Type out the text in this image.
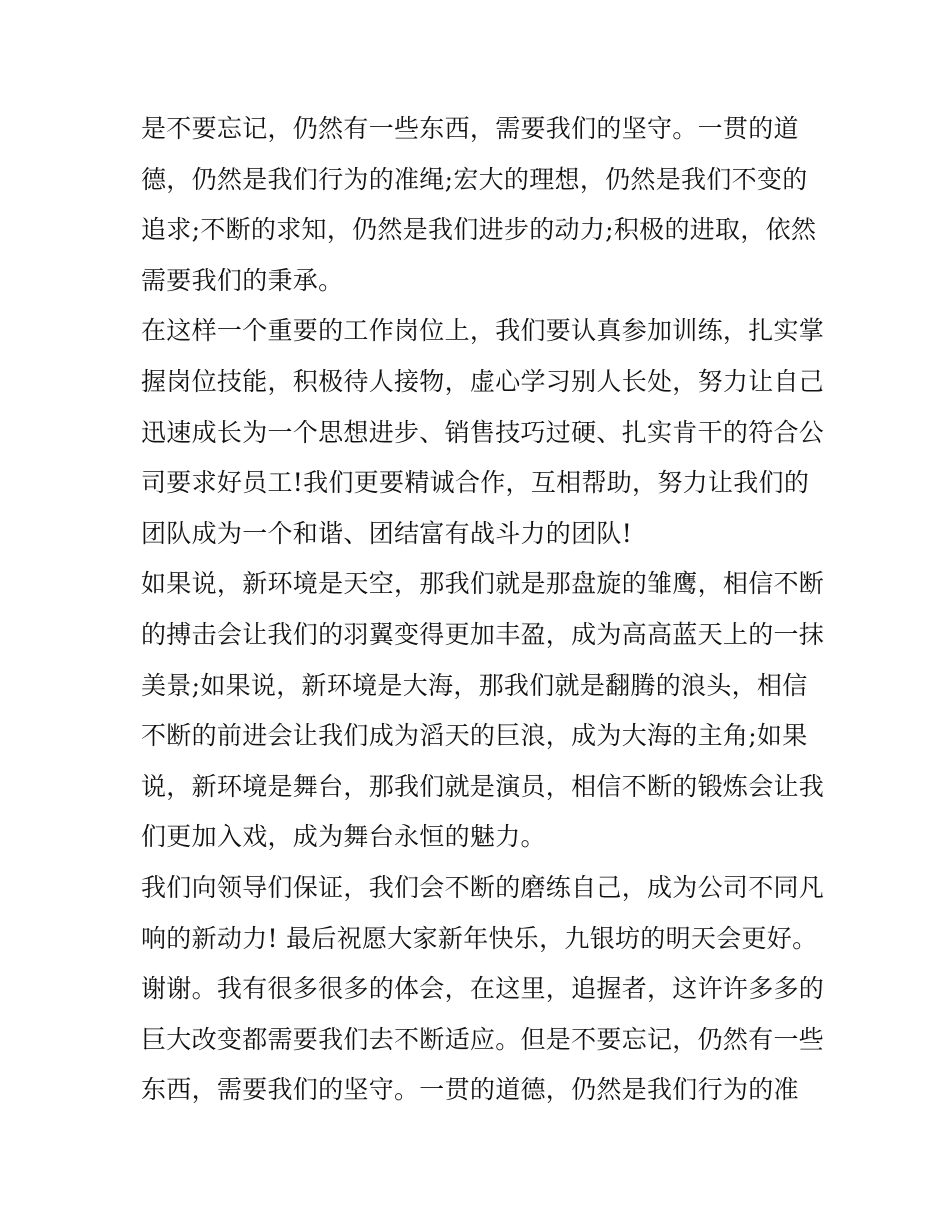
是不要忘记，仍然有一些东西，需要我们的坚守。一贯的道
德，仍然是我们行为的准绳;宏大的理想，仍然是我们不变的
追求;不断的求知，仍然是我们进步的动力;积极的进取，依然
需要我们的秉承。
在这样一个重要的工作岗位上，我们要认真参加训练，扎实掌
握岗位技能，积极待人接物，虚心学习别人长处，努力让自己
迅速成长为一个思想进步、销售技巧过硬、扎实肯干的符合公
司要求好员工!我们更要精诚合作，互相帮助，努力让我们的
团队成为一个和谐、团结富有战斗力的团队!
如果说，新环境是天空，那我们就是那盘旋的雏鹰，相信不断
的搏击会让我们的羽翼变得更加丰盈，成为高高蓝天上的一抹
美景;如果说，新环境是大海，那我们就是翻腾的浪头，相信
不断的前进会让我们成为滔天的巨浪，成为大海的主角;如果
说，新环境是舞台，那我们就是演员，相信不断的锻炼会让我
们更加入戏，成为舞台永恒的魅力。
我们向领导们保证，我们会不断的磨练自己，成为公司不同凡
响的新动力! 最后祝愿大家新年快乐，九银坊的明天会更好。
谢谢。我有很多很多的体会，在这里，追握者，这许许多多的
巨大改变都需要我们去不断适应。但是不要忘记，仍然有一些
东西，需要我们的坚守。一贯的道德，仍然是我们行为的准
